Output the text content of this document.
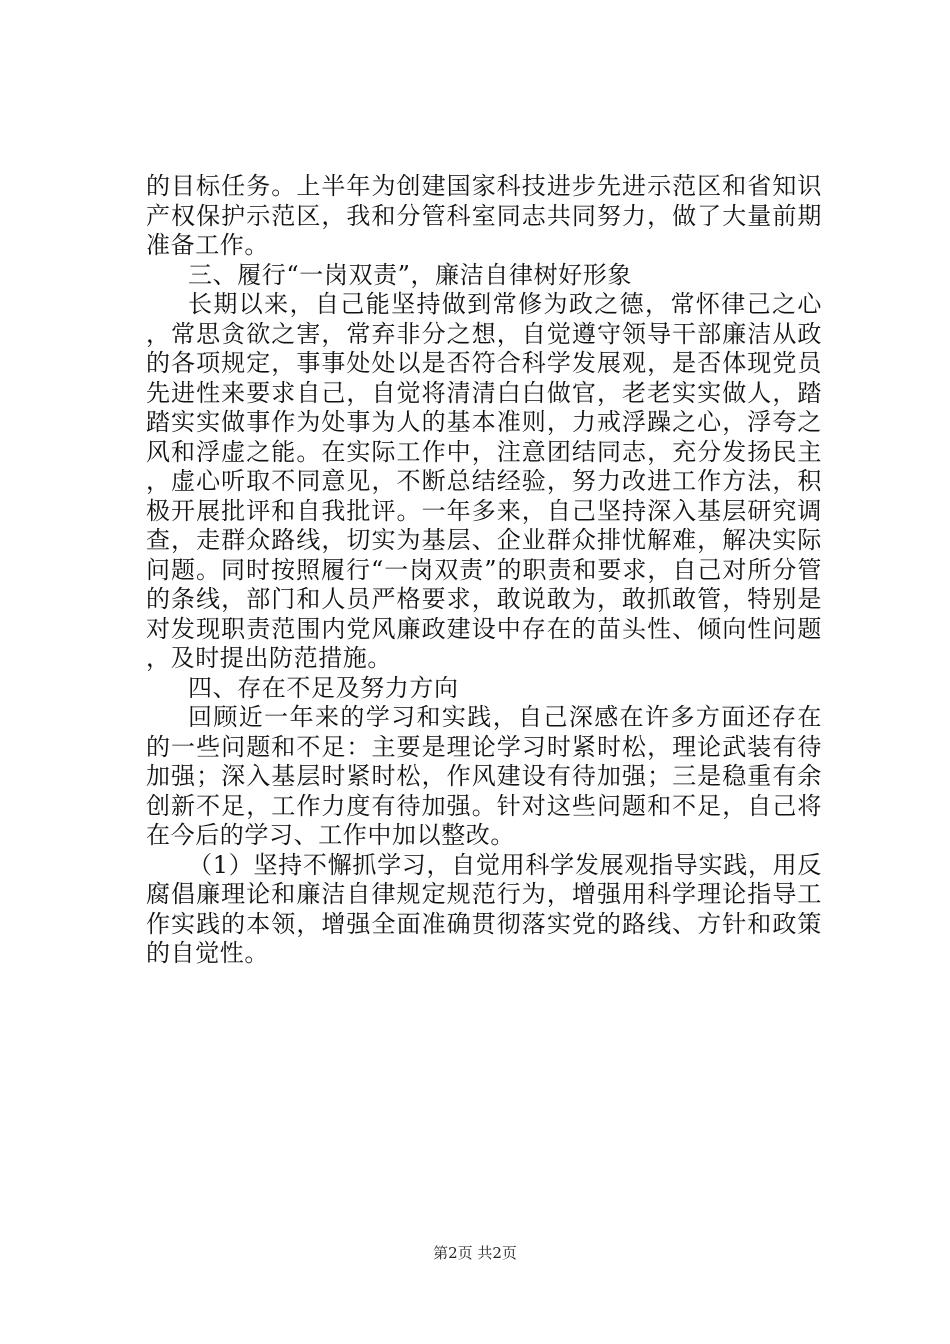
的目标任务。上半年为创建国家科技进步先进示范区和省知识产权保护示范区，我和分管科室同志共同努力，做了大量前期准备工作。

三、履行“一岗双责”，廉洁自律树好形象

长期以来，自己能坚持做到常修为政之德，常怀律己之心，常思贪欲之害，常弃非分之想，自觉遵守领导干部廉洁从政的各项规定，事事处处以是否符合科学发展观，是否体现党员先进性来要求自己，自觉将清清白白做官，老老实实做人，踏踏实实做事作为处事为人的基本准则，力戒浮躁之心，浮夸之风和浮虚之能。在实际工作中，注意团结同志，充分发扬民主，虚心听取不同意见，不断总结经验，努力改进工作方法，积极开展批评和自我批评。一年多来，自己坚持深入基层研究调查，走群众路线，切实为基层、企业群众排忧解难，解决实际问题。同时按照履行“一岗双责”的职责和要求，自己对所分管的条线，部门和人员严格要求，敢说敢为，敢抓敢管，特别是对发现职责范围内党风廉政建设中存在的苗头性、倾向性问题，及时提出防范措施。

四、存在不足及努力方向

回顾近一年来的学习和实践，自己深感在许多方面还存在的一些问题和不足：主要是理论学习时紧时松，理论武装有待加强；深入基层时紧时松，作风建设有待加强；三是稳重有余创新不足，工作力度有待加强。针对这些问题和不足，自己将在今后的学习、工作中加以整改。

（1）坚持不懈抓学习，自觉用科学发展观指导实践，用反腐倡廉理论和廉洁自律规定规范行为，增强用科学理论指导工作实践的本领，增强全面准确贯彻落实党的路线、方针和政策的自觉性。

第2页 共2页
